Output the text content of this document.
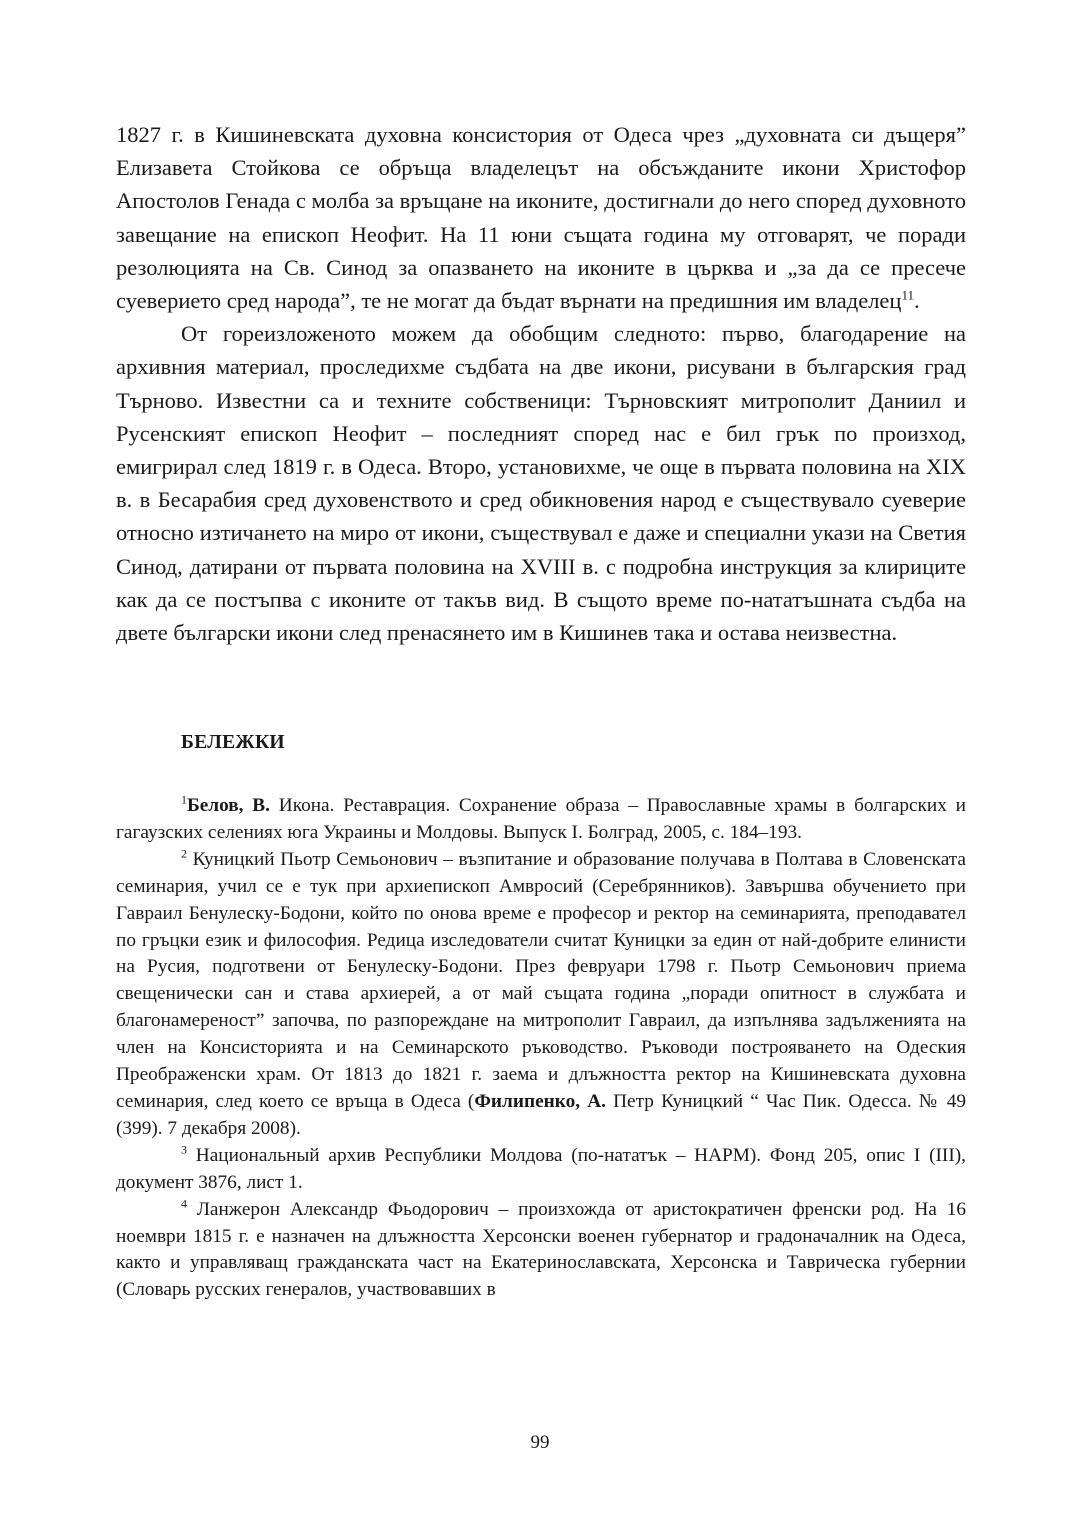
1827 г. в Кишиневската духовна консистория от Одеса чрез „духовната си дъщеря” Елизавета Стойкова се обръща владелецът на обсъжданите икони Христофор Апостолов Генада с молба за връщане на иконите, достигнали до него според духовното завещание на епископ Неофит. На 11 юни същата година му отговарят, че поради резолюцията на Св. Синод за опазването на иконите в църква и „за да се пресече суеверието сред народа”, те не могат да бъдат върнати на предишния им владелец$^{11}$.

От гореизложеното можем да обобщим следното: първо, благодарение на архивния материал, проследихме съдбата на две икони, рисувани в българския град Търново. Известни са и техните собственици: Търновският митрополит Даниил и Русенският епископ Неофит – последният според нас е бил грък по произход, емигрирал след 1819 г. в Одеса. Второ, установихме, че още в първата половина на XIX в. в Бесарабия сред духовенството и сред обикновения народ е съществувало суеверие относно изтичането на миро от икони, съществувал е даже и специални укази на Светия Синод, датирани от първата половина на XVIII в. с подробна инструкция за клириците как да се постъпва с иконите от такъв вид. В същото време по-нататъшната съдба на двете български икони след пренасянето им в Кишинев така и остава неизвестна.

БЕЛЕЖКИ

$^1$Белов, В. Икона. Реставрация. Сохранение образа – Православные храмы в болгарских и гагаузских селениях юга Украины и Молдовы. Выпуск I. Болград, 2005, с. 184–193.

$^2$ Куницкий Пьотр Семьонович – възпитание и образование получава в Полтава в Словенската семинария, учил се е тук при архиепископ Амвросий (Серебрянников). Завършва обучението при Гавраил Бенулеску-Бодони, който по онова време е професор и ректор на семинарията, преподавател по гръцки език и философия. Редица изследователи считат Куницки за един от най-добрите елинисти на Русия, подготвени от Бенулеску-Бодони. През февруари 1798 г. Пьотр Семьонович приема свещенически сан и става архиерей, а от май същата година „поради опитност в службата и благонамереност” започва, по разпореждане на митрополит Гавраил, да изпълнява задълженията на член на Консисторията и на Семинарското ръководство. Ръководи построяването на Одеския Преображенски храм. От 1813 до 1821 г. заема и длъжността ректор на Кишиневската духовна семинария, след което се връща в Одеса (Филипенко, А. Петр Куницкий “ Час Пик. Одесса. № 49 (399). 7 декабря 2008).

$^3$ Национальный архив Республики Молдова (по-нататък – НАРМ). Фонд 205, опис I (III), документ 3876, лист 1.

$^4$ Ланжерон Александр Фьодорович – произхожда от аристократичен френски род. На 16 ноември 1815 г. е назначен на длъжността Херсонски военен губернатор и градоначалник на Одеса, както и управляващ гражданската част на Екатеринославската, Херсонска и Таврическа губернии (Словарь русских генералов, участвовавших в

99
